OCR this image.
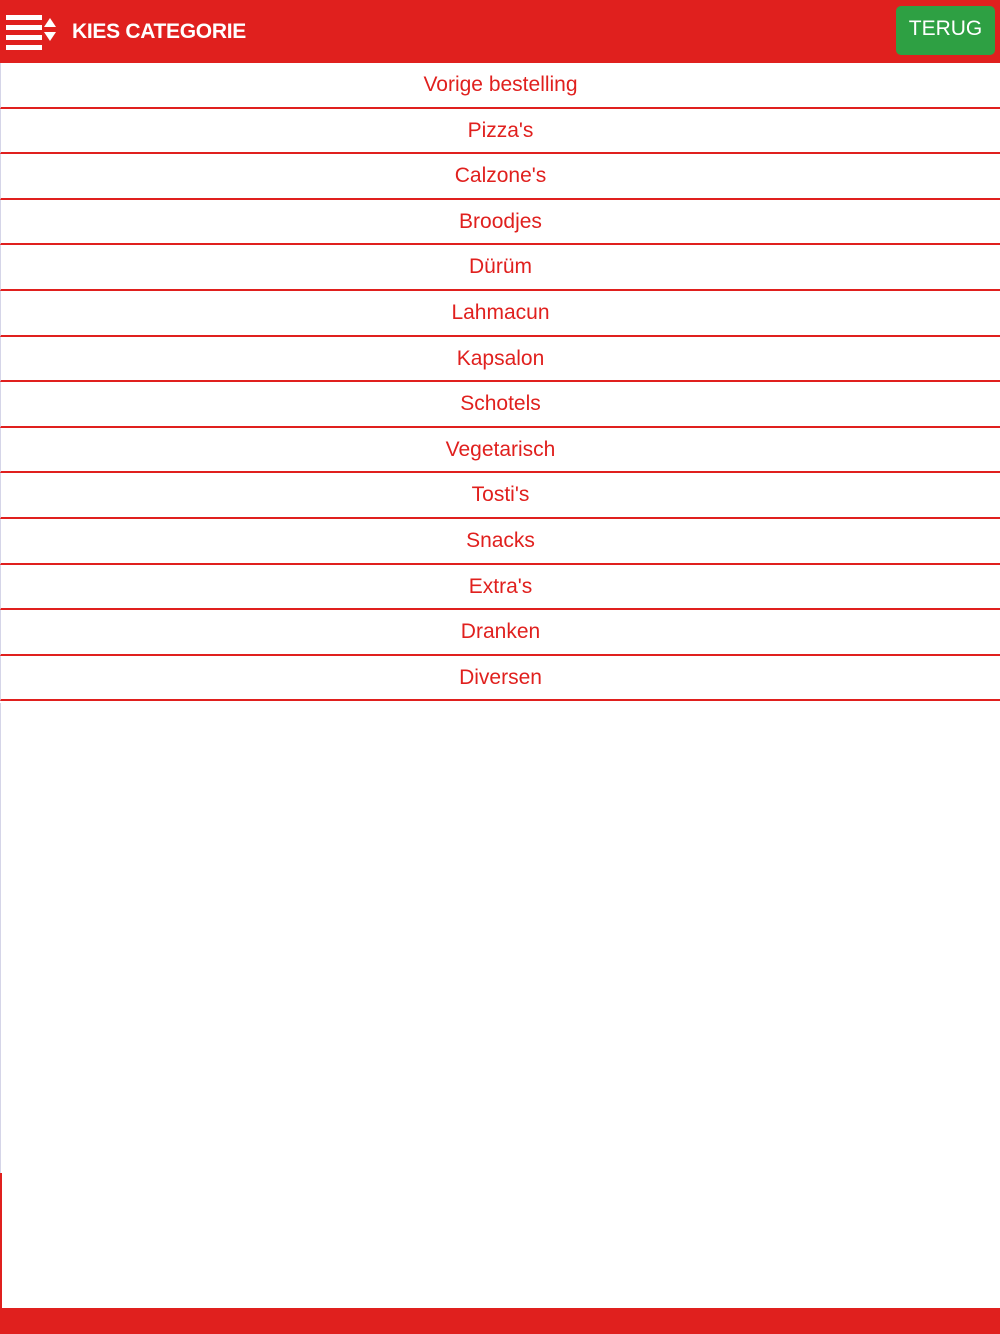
KIES CATEGORIE	TERUG
Vorige bestelling
Pizza's
Calzone's
Broodjes
Dürüm
Lahmacun
Kapsalon
Schotels
Vegetarisch
Tosti's
Snacks
Extra's
Dranken
Diversen
